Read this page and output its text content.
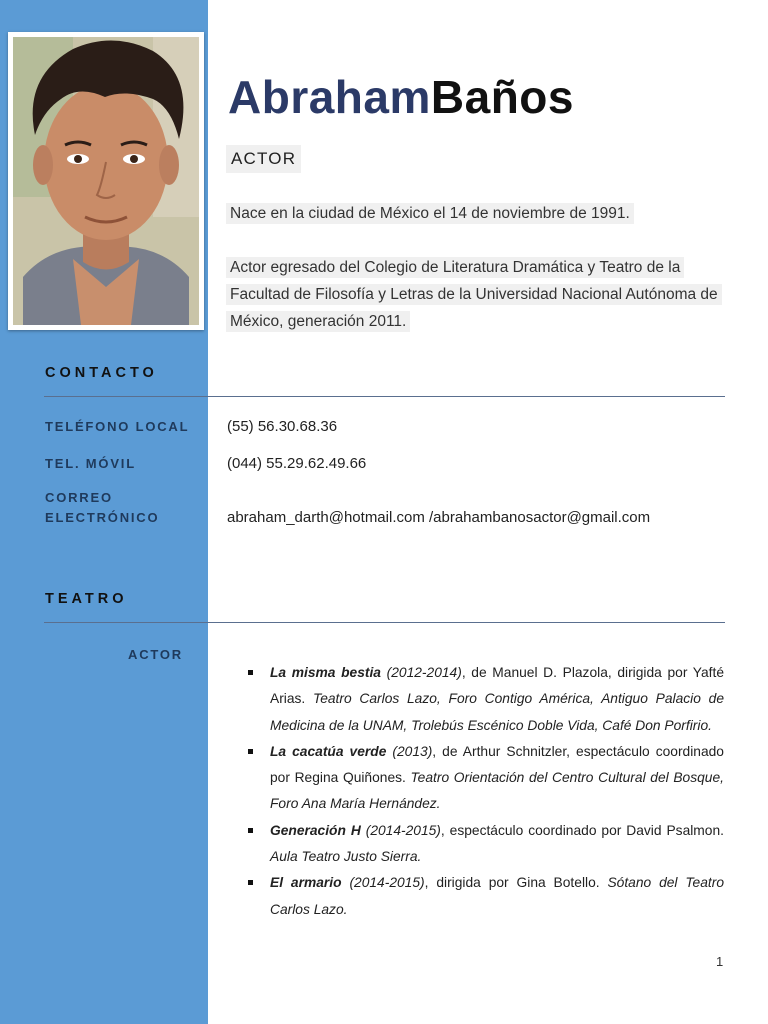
AbrahamBaños
ACTOR

Nace en la ciudad de México el 14 de noviembre de 1991.

Actor egresado del Colegio de Literatura Dramática y Teatro de la Facultad de Filosofía y Letras de la Universidad Nacional Autónoma de México, generación 2011.

CONTACTO
TELÉFONO LOCAL	(55) 56.30.68.36
TEL. MÓVIL	(044) 55.29.62.49.66
CORREO ELECTRÓNICO	abraham_darth@hotmail.com /abrahambanosactor@gmail.com
TEATRO
ACTOR
La misma bestia (2012-2014), de Manuel D. Plazola, dirigida por Yafté Arias. Teatro Carlos Lazo, Foro Contigo América, Antiguo Palacio de Medicina de la UNAM, Trolebús Escénico Doble Vida, Café Don Porfirio.
La cacatúa verde (2013), de Arthur Schnitzler, espectáculo coordinado por Regina Quiñones. Teatro Orientación del Centro Cultural del Bosque, Foro Ana María Hernández.
Generación H (2014-2015), espectáculo coordinado por David Psalmon. Aula Teatro Justo Sierra.
El armario (2014-2015), dirigida por Gina Botello. Sótano del Teatro Carlos Lazo.
1
